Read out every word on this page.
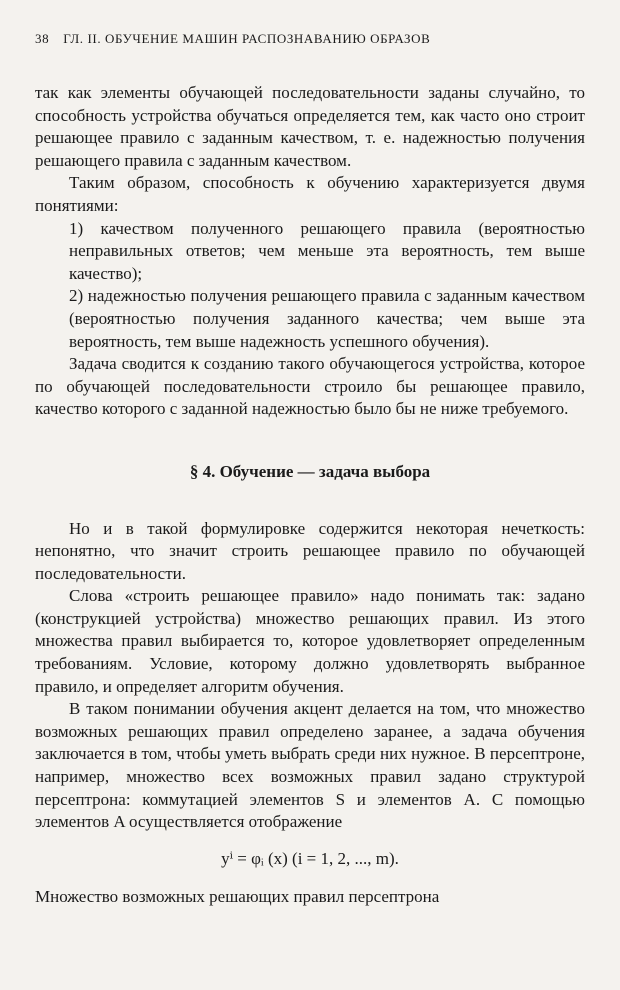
38 ГЛ. II. ОБУЧЕНИЕ МАШИН РАСПОЗНАВАНИЮ ОБРАЗОВ

так как элементы обучающей последовательности заданы случайно, то способность устройства обучаться определяется тем, как часто оно строит решающее правило с заданным качеством, т. е. надежностью получения решающего правила с заданным качеством.

Таким образом, способность к обучению характеризуется двумя понятиями:

1) качеством полученного решающего правила (вероятностью неправильных ответов; чем меньше эта вероятность, тем выше качество);

2) надежностью получения решающего правила с заданным качеством (вероятностью получения заданного качества; чем выше эта вероятность, тем выше надежность успешного обучения).

Задача сводится к созданию такого обучающегося устройства, которое по обучающей последовательности строило бы решающее правило, качество которого с заданной надежностью было бы не ниже требуемого.

§ 4. Обучение — задача выбора

Но и в такой формулировке содержится некоторая нечеткость: непонятно, что значит строить решающее правило по обучающей последовательности.

Слова «строить решающее правило» надо понимать так: задано (конструкцией устройства) множество решающих правил. Из этого множества правил выбирается то, которое удовлетворяет определенным требованиям. Условие, которому должно удовлетворять выбранное правило, и определяет алгоритм обучения.

В таком понимании обучения акцент делается на том, что множество возможных решающих правил определено заранее, а задача обучения заключается в том, чтобы уметь выбрать среди них нужное. В персептроне, например, множество всех возможных правил задано структурой персептрона: коммутацией элементов S и элементов A. С помощью элементов A осуществляется отображение

yⁱ = φᵢ (x) (i = 1, 2, ..., m).

Множество возможных решающих правил персептрона
